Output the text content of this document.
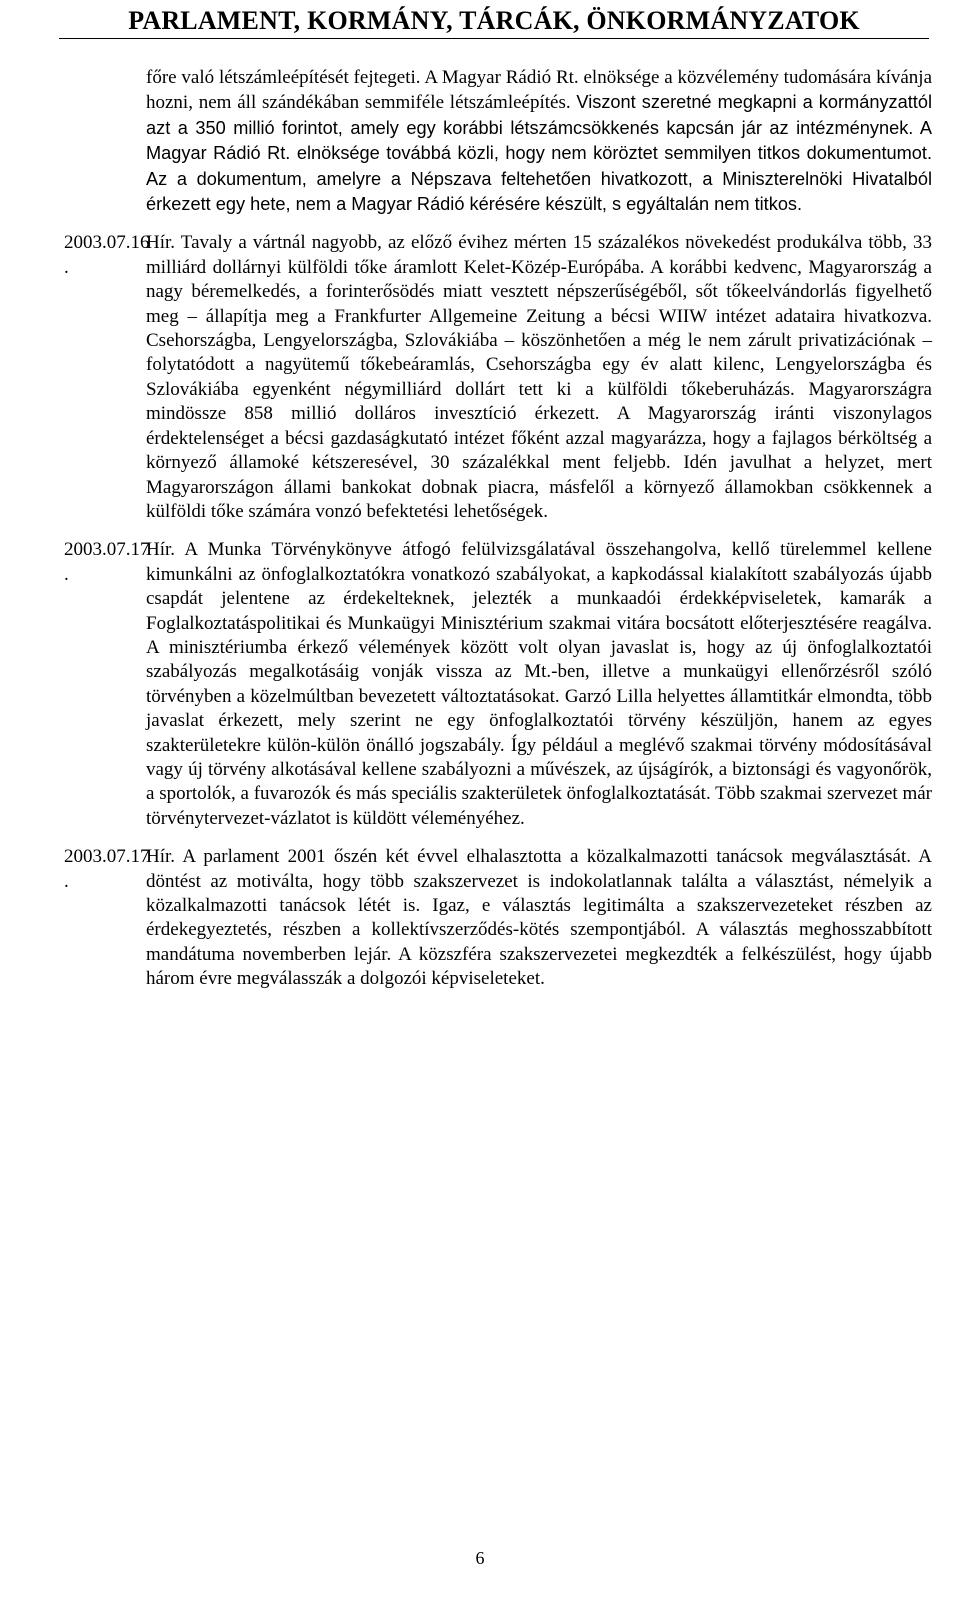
PARLAMENT, KORMÁNY, TÁRCÁK, ÖNKORMÁNYZATOK
főre való létszámleépítését fejtegeti. A Magyar Rádió Rt. elnöksége a közvélemény tudomására kívánja hozni, nem áll szándékában semmiféle létszámleépítés. Viszont szeretné megkapni a kormányzattól azt a 350 millió forintot, amely egy korábbi létszámcsökkenés kapcsán jár az intézménynek. A Magyar Rádió Rt. elnöksége továbbá közli, hogy nem köröztet semmilyen titkos dokumentumot. Az a dokumentum, amelyre a Népszava feltehetően hivatkozott, a Miniszterelnöki Hivatalból érkezett egy hete, nem a Magyar Rádió kérésére készült, s egyáltalán nem titkos.
2003.07.16
.
Hír. Tavaly a vártnál nagyobb, az előző évihez mérten 15 százalékos növekedést produkálva több, 33 milliárd dollárnyi külföldi tőke áramlott Kelet-Közép-Európába. A korábbi kedvenc, Magyarország a nagy béremelkedés, a forinterősödés miatt vesztett népszerűségéből, sőt tőkeelvándorlás figyelhető meg – állapítja meg a Frankfurter Allgemeine Zeitung a bécsi WIIW intézet adataira hivatkozva. Csehországba, Lengyelországba, Szlovákiába – köszönhetően a még le nem zárult privatizációnak – folytatódott a nagyütemű tőkebeáramlás, Csehországba egy év alatt kilenc, Lengyelországba és Szlovákiába egyenként négymilliárd dollárt tett ki a külföldi tőkeberuházás. Magyarországra mindössze 858 millió dolláros invesztíció érkezett. A Magyarország iránti viszonylagos érdektelenséget a bécsi gazdaságkutató intézet főként azzal magyarázza, hogy a fajlagos bérköltség a környező államoké kétszeresével, 30 százalékkal ment feljebb. Idén javulhat a helyzet, mert Magyarországon állami bankokat dobnak piacra, másfelől a környező államokban csökkennek a külföldi tőke számára vonzó befektetési lehetőségek.
2003.07.17
.
Hír. A Munka Törvénykönyve átfogó felülvizsgálatával összehangolva, kellő türelemmel kellene kimunkálni az önfoglalkoztatókra vonatkozó szabályokat, a kapkodással kialakított szabályozás újabb csapdát jelentene az érdekelteknek, jelezték a munkaadói érdekképviseletek, kamarák a Foglalkoztatáspolitikai és Munkaügyi Minisztérium szakmai vitára bocsátott előterjesztésére reagálva. A minisztériumba érkező vélemények között volt olyan javaslat is, hogy az új önfoglalkoztatói szabályozás megalkotásáig vonják vissza az Mt.-ben, illetve a munkaügyi ellenőrzésről szóló törvényben a közelmúltban bevezetett változtatásokat. Garzó Lilla helyettes államtitkár elmondta, több javaslat érkezett, mely szerint ne egy önfoglalkoztatói törvény készüljön, hanem az egyes szakterületekre külön-külön önálló jogszabály. Így például a meglévő szakmai törvény módosításával vagy új törvény alkotásával kellene szabályozni a művészek, az újságírók, a biztonsági és vagyonőrök, a sportolók, a fuvarozók és más speciális szakterületek önfoglalkoztatását. Több szakmai szervezet már törvénytervezet-vázlatot is küldött véleményéhez.
2003.07.17
.
Hír. A parlament 2001 őszén két évvel elhalasztotta a közalkalmazotti tanácsok megválasztását. A döntést az motiválta, hogy több szakszervezet is indokolatlannak találta a választást, némelyik a közalkalmazotti tanácsok létét is. Igaz, e választás legitimálta a szakszervezeteket részben az érdekegyeztetés, részben a kollektívszerződés-kötés szempontjából. A választás meghosszabbított mandátuma novemberben lejár. A közszféra szakszervezetei megkezdték a felkészülést, hogy újabb három évre megválasszák a dolgozói képviseleteket.
6
